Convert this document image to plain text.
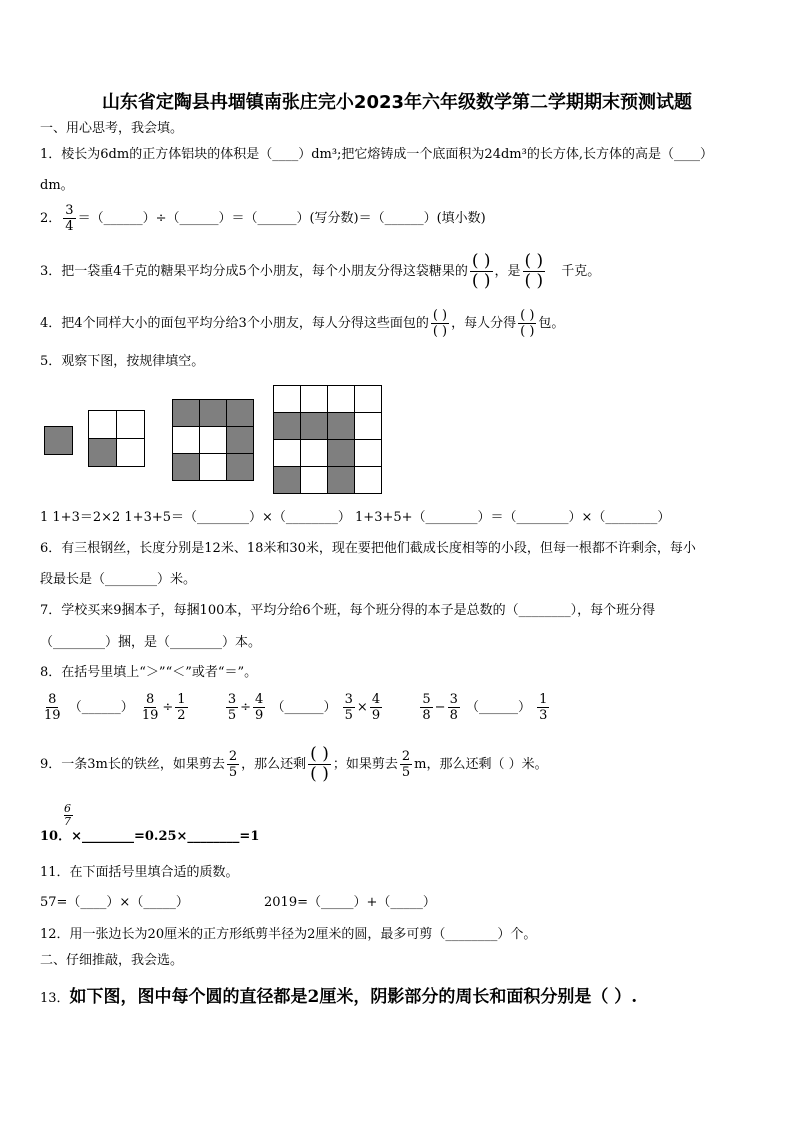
山东省定陶县冉堌镇南张庄完小2023年六年级数学第二学期期末预测试题
一、用心思考，我会填。
1．棱长为6dm的正方体铝块的体积是（____）dm³;把它熔铸成一个底面积为24dm³的长方体,长方体的高是（____）
dm。
2． $\frac{3}{4}$ ＝（______）÷（______）＝（______）(写分数)＝（______）(填小数)
3．把一袋重4千克的糖果平均分成5个小朋友，每个小朋友分得这袋糖果的 $\frac{( )}{( )}$ ，是 $\frac{( )}{( )}$ 千克。
4．把4个同样大小的面包平均分给3个小朋友，每人分得这些面包的 $\frac{( )}{( )}$ ，每人分得 $\frac{( )}{( )}$ 包。
5．观察下图，按规律填空。
1 1+3＝2×2 1+3+5＝（________）×（________） 1+3+5+（________）＝（________）×（________）
6．有三根钢丝，长度分别是12米、18米和30米，现在要把他们截成长度相等的小段，但每一根都不许剩余，每小
段最长是（________）米。
7．学校买来9捆本子，每捆100本，平均分给6个班，每个班分得的本子是总数的（________），每个班分得
（________）捆，是（________）本。
8．在括号里填上“＞”“＜”或者“＝”。
$\frac{8}{19}$ （______） $\frac{8}{19} \div \frac{1}{2}$
	$\frac{3}{5} \div \frac{4}{9}$ （______） $\frac{3}{5} \times \frac{4}{9}$
	$\frac{5}{8} - \frac{3}{8}$ （______） $\frac{1}{3}$
9．一条3m长的铁丝，如果剪去 $\frac{2}{5}$ ，那么还剩 $\frac{( )}{( )}$ ；如果剪去 $\frac{2}{5}$ m，那么还剩（ ）米。
6
7
10．×________=0.25×________=1
11．在下面括号里填合适的质数。
57=（____）×（_____）	2019=（_____）+（_____）
12．用一张边长为20厘米的正方形纸剪半径为2厘米的圆，最多可剪（________）个。
二、仔细推敲，我会选。
13．如下图，图中每个圆的直径都是2厘米，阴影部分的周长和面积分别是（ ）.
